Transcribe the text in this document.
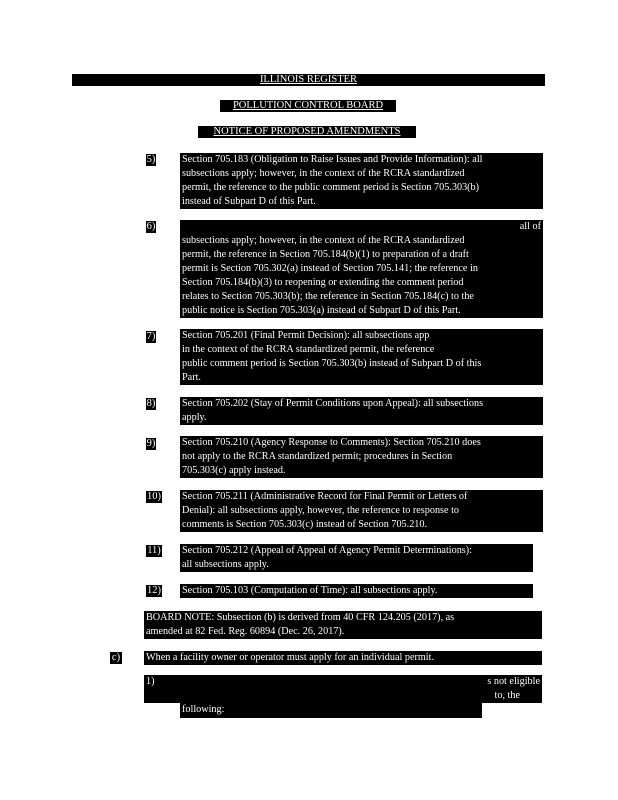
ILLINOIS REGISTER
POLLUTION CONTROL BOARD
NOTICE OF PROPOSED AMENDMENTS
5)	Section 705.183 (Obligation to Raise Issues and Provide Information): all

subsections apply; however, in the context of the RCRA standardized

permit, the reference to the public comment period is Section 705.303(b)

instead of Subpart D of this Part.

6)	all of

subsections apply; however, in the context of the RCRA standardized

permit, the reference in Section 705.184(b)(1) to preparation of a draft

permit is Section 705.302(a) instead of Section 705.141; the reference in

Section 705.184(b)(3) to reopening or extending the comment period

relates to Section 705.303(b); the reference in Section 705.184(c) to the

public notice is Section 705.303(a) instead of Subpart D of this Part.

7)	Section 705.201 (Final Permit Decision): all subsections app

in the context of the RCRA standardized permit, the reference

public comment period is Section 705.303(b) instead of Subpart D of this

Part.

8)	Section 705.202 (Stay of Permit Conditions upon Appeal): all subsections

apply.

9)	Section 705.210 (Agency Response to Comments): Section 705.210 does

not apply to the RCRA standardized permit; procedures in Section

705.303(c) apply instead.

10) Section 705.211 (Administrative Record for Final Permit or Letters of

Denial): all subsections apply, however, the reference to response to

comments is Section 705.303(c) instead of Section 705.210.

11) Section 705.212 (Appeal of Appeal of Agency Permit Determinations):

all subsections apply.

12) Section 705.103 (Computation of Time): all subsections apply.

BOARD NOTE: Subsection (b) is derived from 40 CFR 124.205 (2017), as

amended at 82 Fed. Reg. 60894 (Dec. 26, 2017).

c)	When a facility owner or operator must apply for an individual permit.

1)	s not eligible

to, the

following:
